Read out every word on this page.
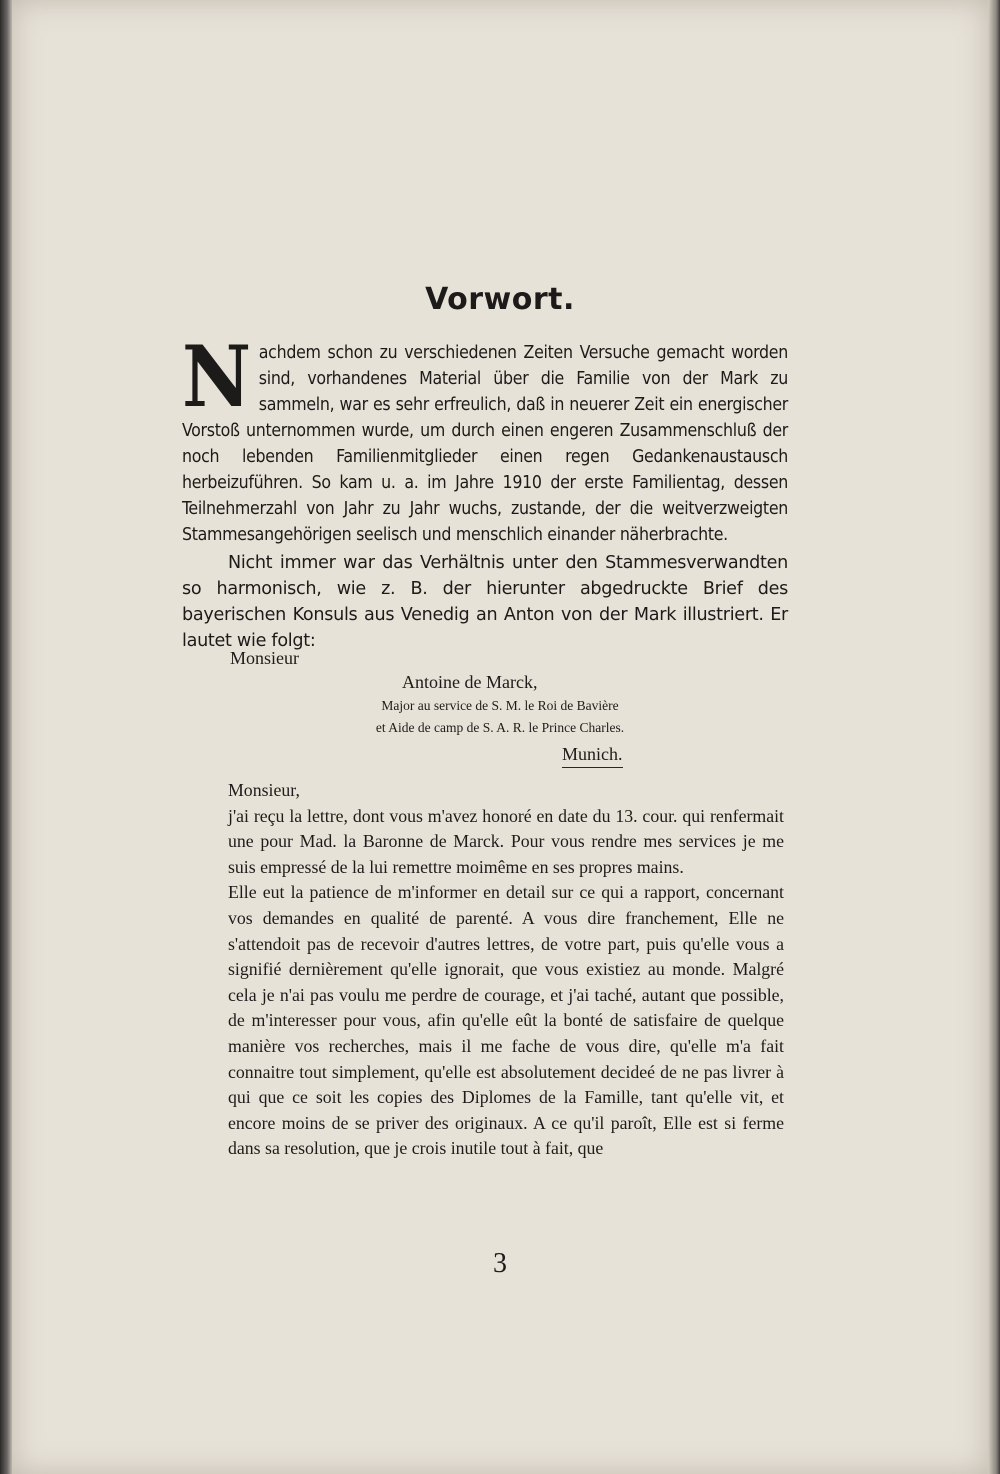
Vorwort.

Nachdem schon zu verschiedenen Zeiten Versuche gemacht worden sind, vorhandenes Material über die Familie von der Mark zu sammeln, war es sehr erfreulich, daß in neuerer Zeit ein energischer Vorstoß unternommen wurde, um durch einen engeren Zusammenschluß der noch lebenden Familienmitglieder einen regen Gedankenaustausch herbeizuführen. So kam u. a. im Jahre 1910 der erste Familientag, dessen Teilnehmerzahl von Jahr zu Jahr wuchs, zustande, der die weitverzweigten Stammesangehörigen seelisch und menschlich einander näherbrachte.

Nicht immer war das Verhältnis unter den Stammesverwandten so harmonisch, wie z. B. der hierunter abgedruckte Brief des bayerischen Konsuls aus Venedig an Anton von der Mark illustriert. Er lautet wie folgt:

Monsieur

Antoine de Marck,

Major au service de S. M. le Roi de Bavière

et Aide de camp de S. A. R. le Prince Charles.

Munich.

Monsieur,

j'ai reçu la lettre, dont vous m'avez honoré en date du 13. cour. qui renfermait une pour Mad. la Baronne de Marck. Pour vous rendre mes services je me suis empressé de la lui remettre moimême en ses propres mains.

Elle eut la patience de m'informer en detail sur ce qui a rapport, concernant vos demandes en qualité de parenté. A vous dire franchement, Elle ne s'attendoit pas de recevoir d'autres lettres, de votre part, puis qu'elle vous a signifié dernièrement qu'elle ignorait, que vous existiez au monde. Malgré cela je n'ai pas voulu me perdre de courage, et j'ai taché, autant que possible, de m'interesser pour vous, afin qu'elle eût la bonté de satisfaire de quelque manière vos recherches, mais il me fache de vous dire, qu'elle m'a fait connaitre tout simplement, qu'elle est absolutement decideé de ne pas livrer à qui que ce soit les copies des Diplomes de la Famille, tant qu'elle vit, et encore moins de se priver des originaux. A ce qu'il paroît, Elle est si ferme dans sa resolution, que je crois inutile tout à fait, que

3
